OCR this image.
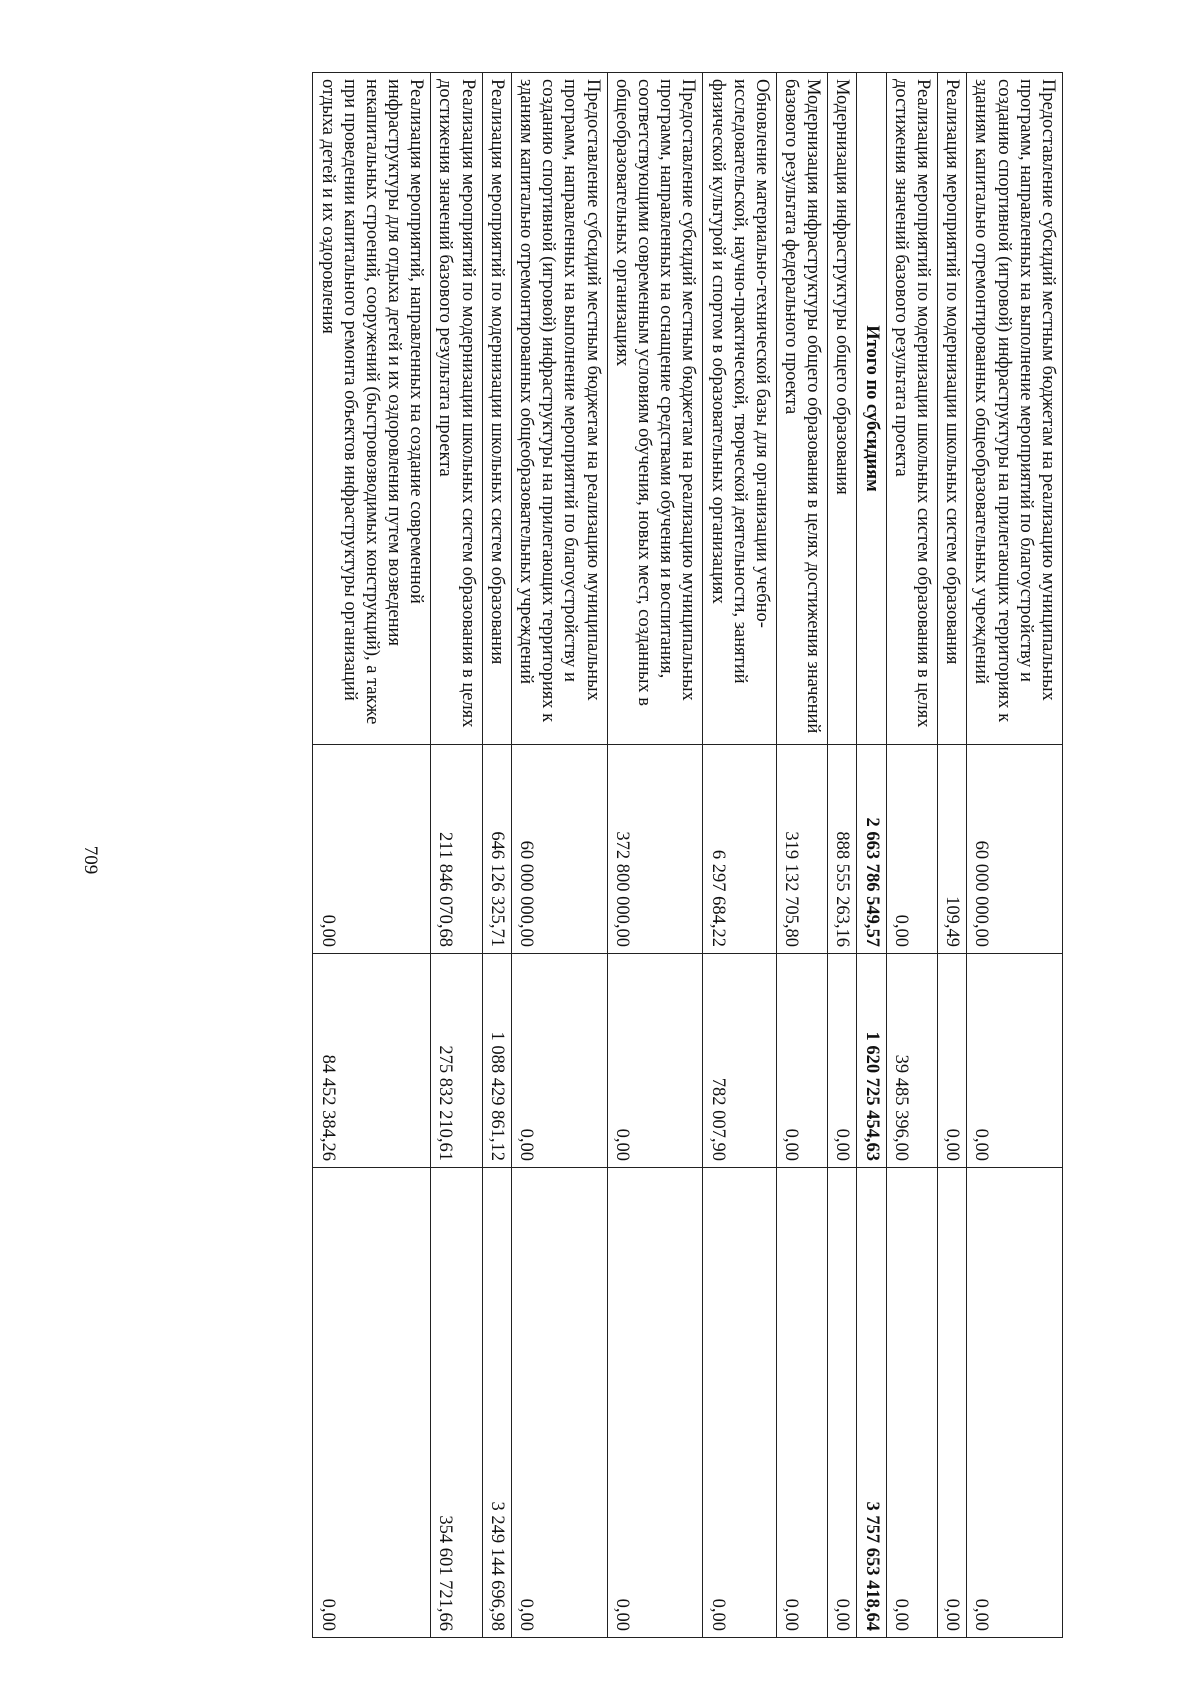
709
Предоставление субсидий местным бюджетам на реализацию муниципальных программ, направленных на выполнение мероприятий по благоустройству и созданию спортивной (игровой) инфраструктуры на прилегающих территориях к зданиям капитально отремонтированных общеобразовательных учреждений	60 000 000,00	0,00	0,00
Реализация мероприятий по модернизации школьных систем образования	109,49	0,00	0,00
Реализация мероприятий по модернизации школьных систем образования в целях достижения значений базового результата проекта	0,00	39 485 396,00	0,00
Итого по субсидиям	2 663 786 549,57	1 620 725 454,63	3 757 653 418,64
Модернизация инфраструктуры общего образования	888 555 263,16	0,00	0,00
Модернизация инфраструктуры общего образования в целях достижения значений базового результата федерального проекта	319 132 705,80	0,00	0,00
Обновление материально-технической базы для организации учебно-исследовательской, научно-практической, творческой деятельности, занятий физической культурой и спортом в образовательных организациях	6 297 684,22	782 007,90	0,00
Предоставление субсидий местным бюджетам на реализацию муниципальных программ, направленных на оснащение средствами обучения и воспитания, соответствующими современным условиям обучения, новых мест, созданных в общеобразовательных организациях	372 800 000,00	0,00	0,00
Предоставление субсидий местным бюджетам на реализацию муниципальных программ, направленных на выполнение мероприятий по благоустройству и созданию спортивной (игровой) инфраструктуры на прилегающих территориях к зданиям капитально отремонтированных общеобразовательных учреждений	60 000 000,00	0,00	0,00
Реализация мероприятий по модернизации школьных систем образования	646 126 325,71	1 088 429 861,12	3 249 144 696,98
Реализация мероприятий по модернизации школьных систем образования в целях достижения значений базового результата проекта	211 846 070,68	275 832 210,61	354 601 721,66
Реализация мероприятий, направленных на создание современной инфраструктуры для отдыха детей и их оздоровления путем возведения некапитальных строений, сооружений (быстровозводимых конструкций), а также при проведении капитального ремонта объектов инфраструктуры организаций отдыха детей и их оздоровления	0,00	84 452 384,26	0,00
